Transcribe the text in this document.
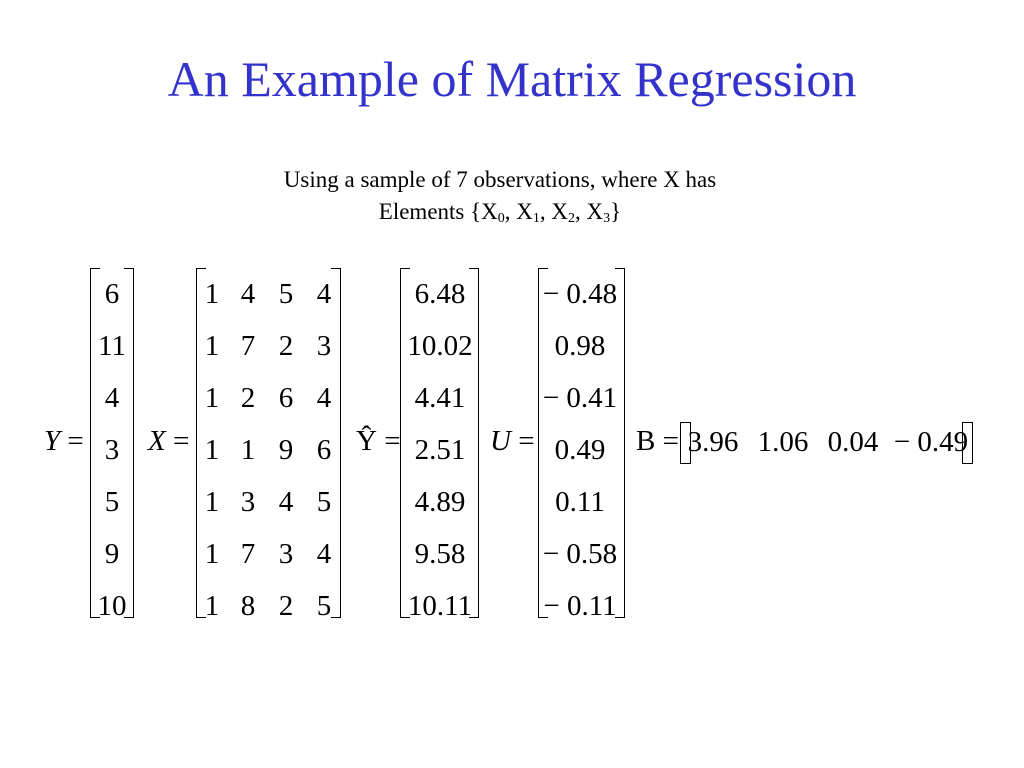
An Example of Matrix Regression
Using a sample of 7 observations, where X has
Elements {$X_0$, $X_1$, $X_2$, $X_3$}
Y =
6
11
4
3
5
9
10
X =
1 4 5 4
1 7 2 3
1 2 6 4
1 1 9 6
1 3 4 5
1 7 3 4
1 8 2 5
Ŷ =
6.48
10.02
4.41
2.51
4.89
9.58
10.11
U =
− 0.48
0.98
− 0.41
0.49
0.11
− 0.58
− 0.11
B = 3.96 1.06 0.04 − 0.49
